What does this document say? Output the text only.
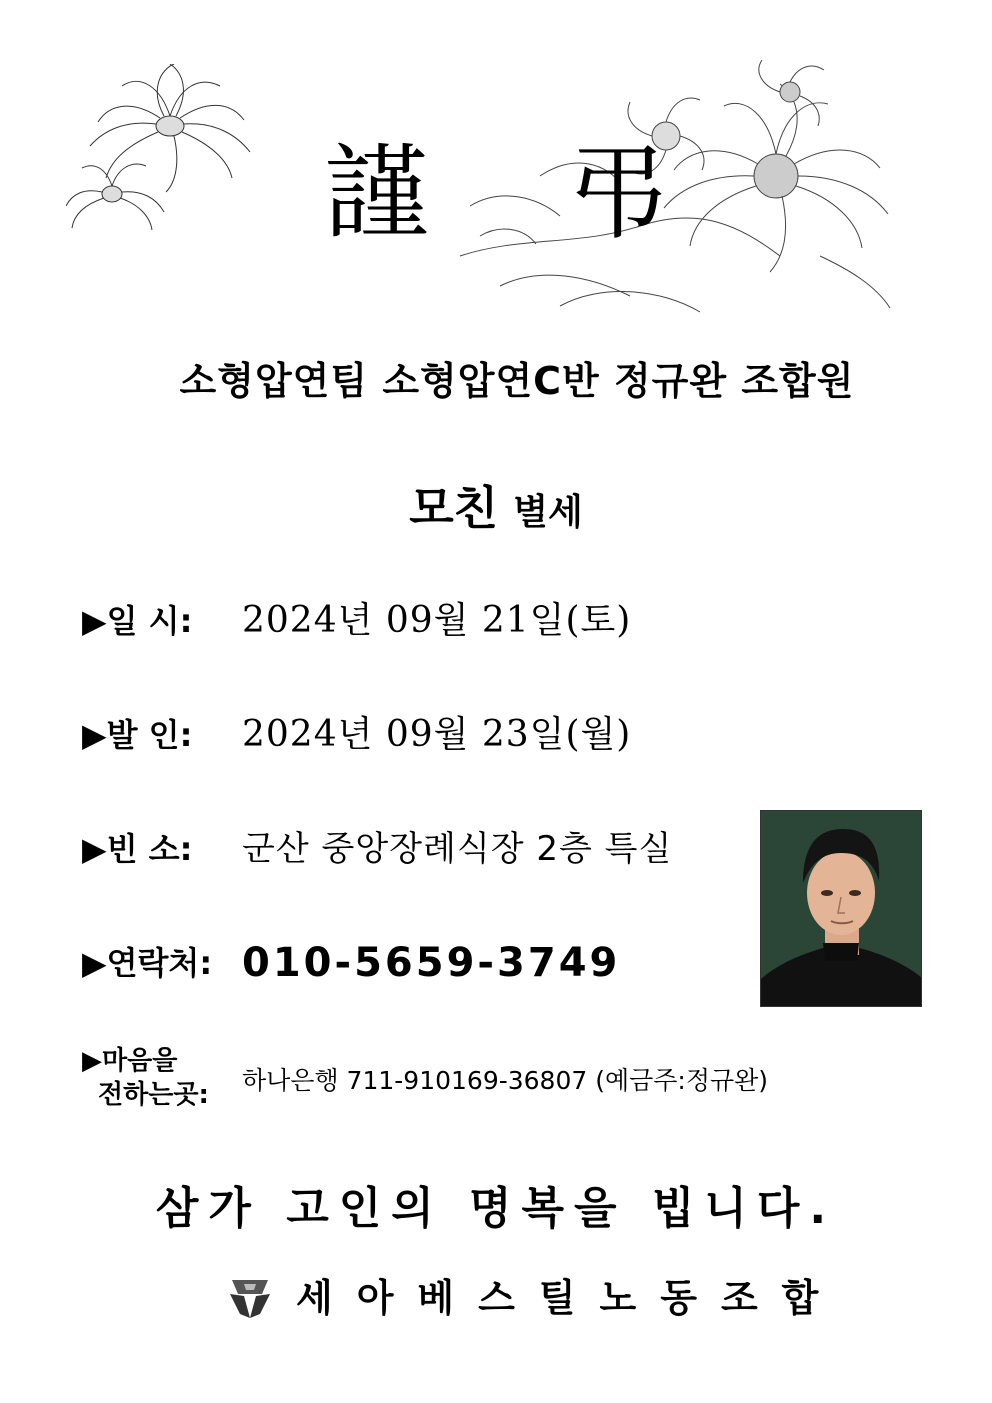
謹 弔
소형압연팀 소형압연C반 정규완 조합원
모친 별세
▶일 시: 2024년 09월 21일(토)
▶발 인: 2024년 09월 23일(월)
▶빈 소: 군산 중앙장례식장 2층 특실
▶연락처: 010-5659-3749
▶마음을
전하는곳: 하나은행 711-910169-36807 (예금주:정규완)
삼가 고인의 명복을 빕니다.
세아베스틸노동조합
